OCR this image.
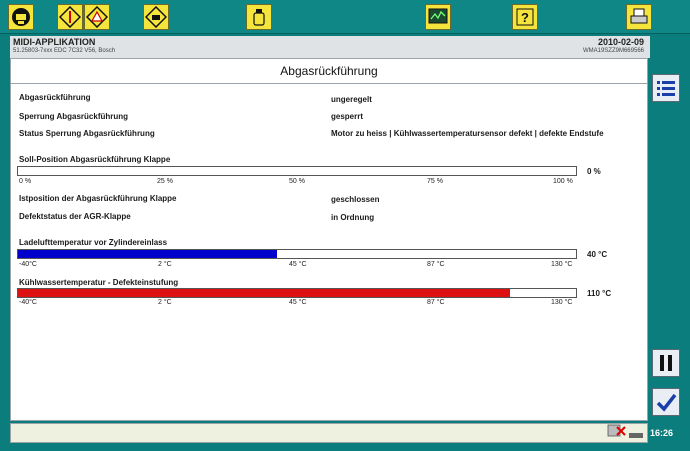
?
MIDI-APPLIKATION
51.25803-7xxx EDC 7C32 V56, Bosch
2010-02-09
WMA19SZZ9M669566
Abgasrückführung
Abgasrückführung	ungeregelt
Sperrung Abgasrückführung	gesperrt
Status Sperrung Abgasrückführung	Motor zu heiss | Kühlwassertemperatursensor defekt | defekte Endstufe
Soll-Position Abgasrückführung Klappe
0 %
0 %	25 %	50 %	75 %	100 %
Istposition der Abgasrückführung Klappe	geschlossen
Defektstatus der AGR-Klappe	in Ordnung
Ladelufttemperatur vor Zylindereinlass
40 °C
-40°C	2 °C	45 °C	87 °C	130 °C
Kühlwassertemperatur - Defekteinstufung
110 °C
-40°C	2 °C	45 °C	87 °C	130 °C
16:26
